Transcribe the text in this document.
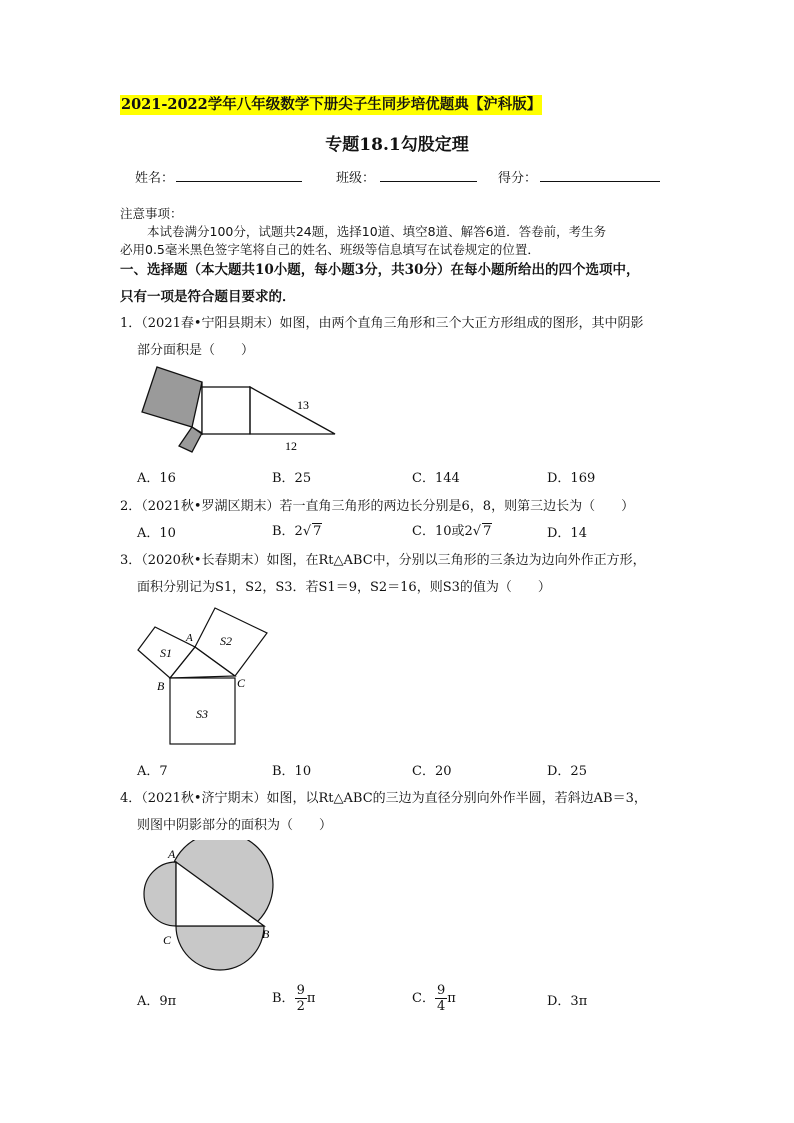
2021-2022学年八年级数学下册尖子生同步培优题典【沪科版】
专题18.1勾股定理
姓名：	班级：	得分：
注意事项：
本试卷满分100分，试题共24题，选择10道、填空8道、解答6道．答卷前，考生务
必用0.5毫米黑色签字笔将自己的姓名、班级等信息填写在试卷规定的位置．
一、选择题（本大题共10小题，每小题3分，共30分）在每小题所给出的四个选项中，
只有一项是符合题目要求的．
1．（2021春•宁阳县期末）如图，由两个直角三角形和三个大正方形组成的图形，其中阴影
部分面积是（　　）
13
12
A．16	B．25	C．144	D．169
2．（2021秋•罗湖区期末）若一直角三角形的两边长分别是6，8，则第三边长为（　　）
A．10	B．2√ 7	C．10或2√ 7	D．14
3．（2020秋•长春期末）如图，在Rt△ABC中，分别以三角形的三条边为边向外作正方形，
面积分别记为S1，S2，S3．若S1＝9，S2＝16，则S3的值为（　　）
A
B	C
S1
S2
S3
A．7	B．10	C．20	D．25
4．（2021秋•济宁期末）如图，以Rt△ABC的三边为直径分别向外作半圆，若斜边AB＝3，
则图中阴影部分的面积为（　　）
A
B
C
A．9π	B． $\frac{9}{2}$ π	C． $\frac{9}{4}$ π	D．3π
